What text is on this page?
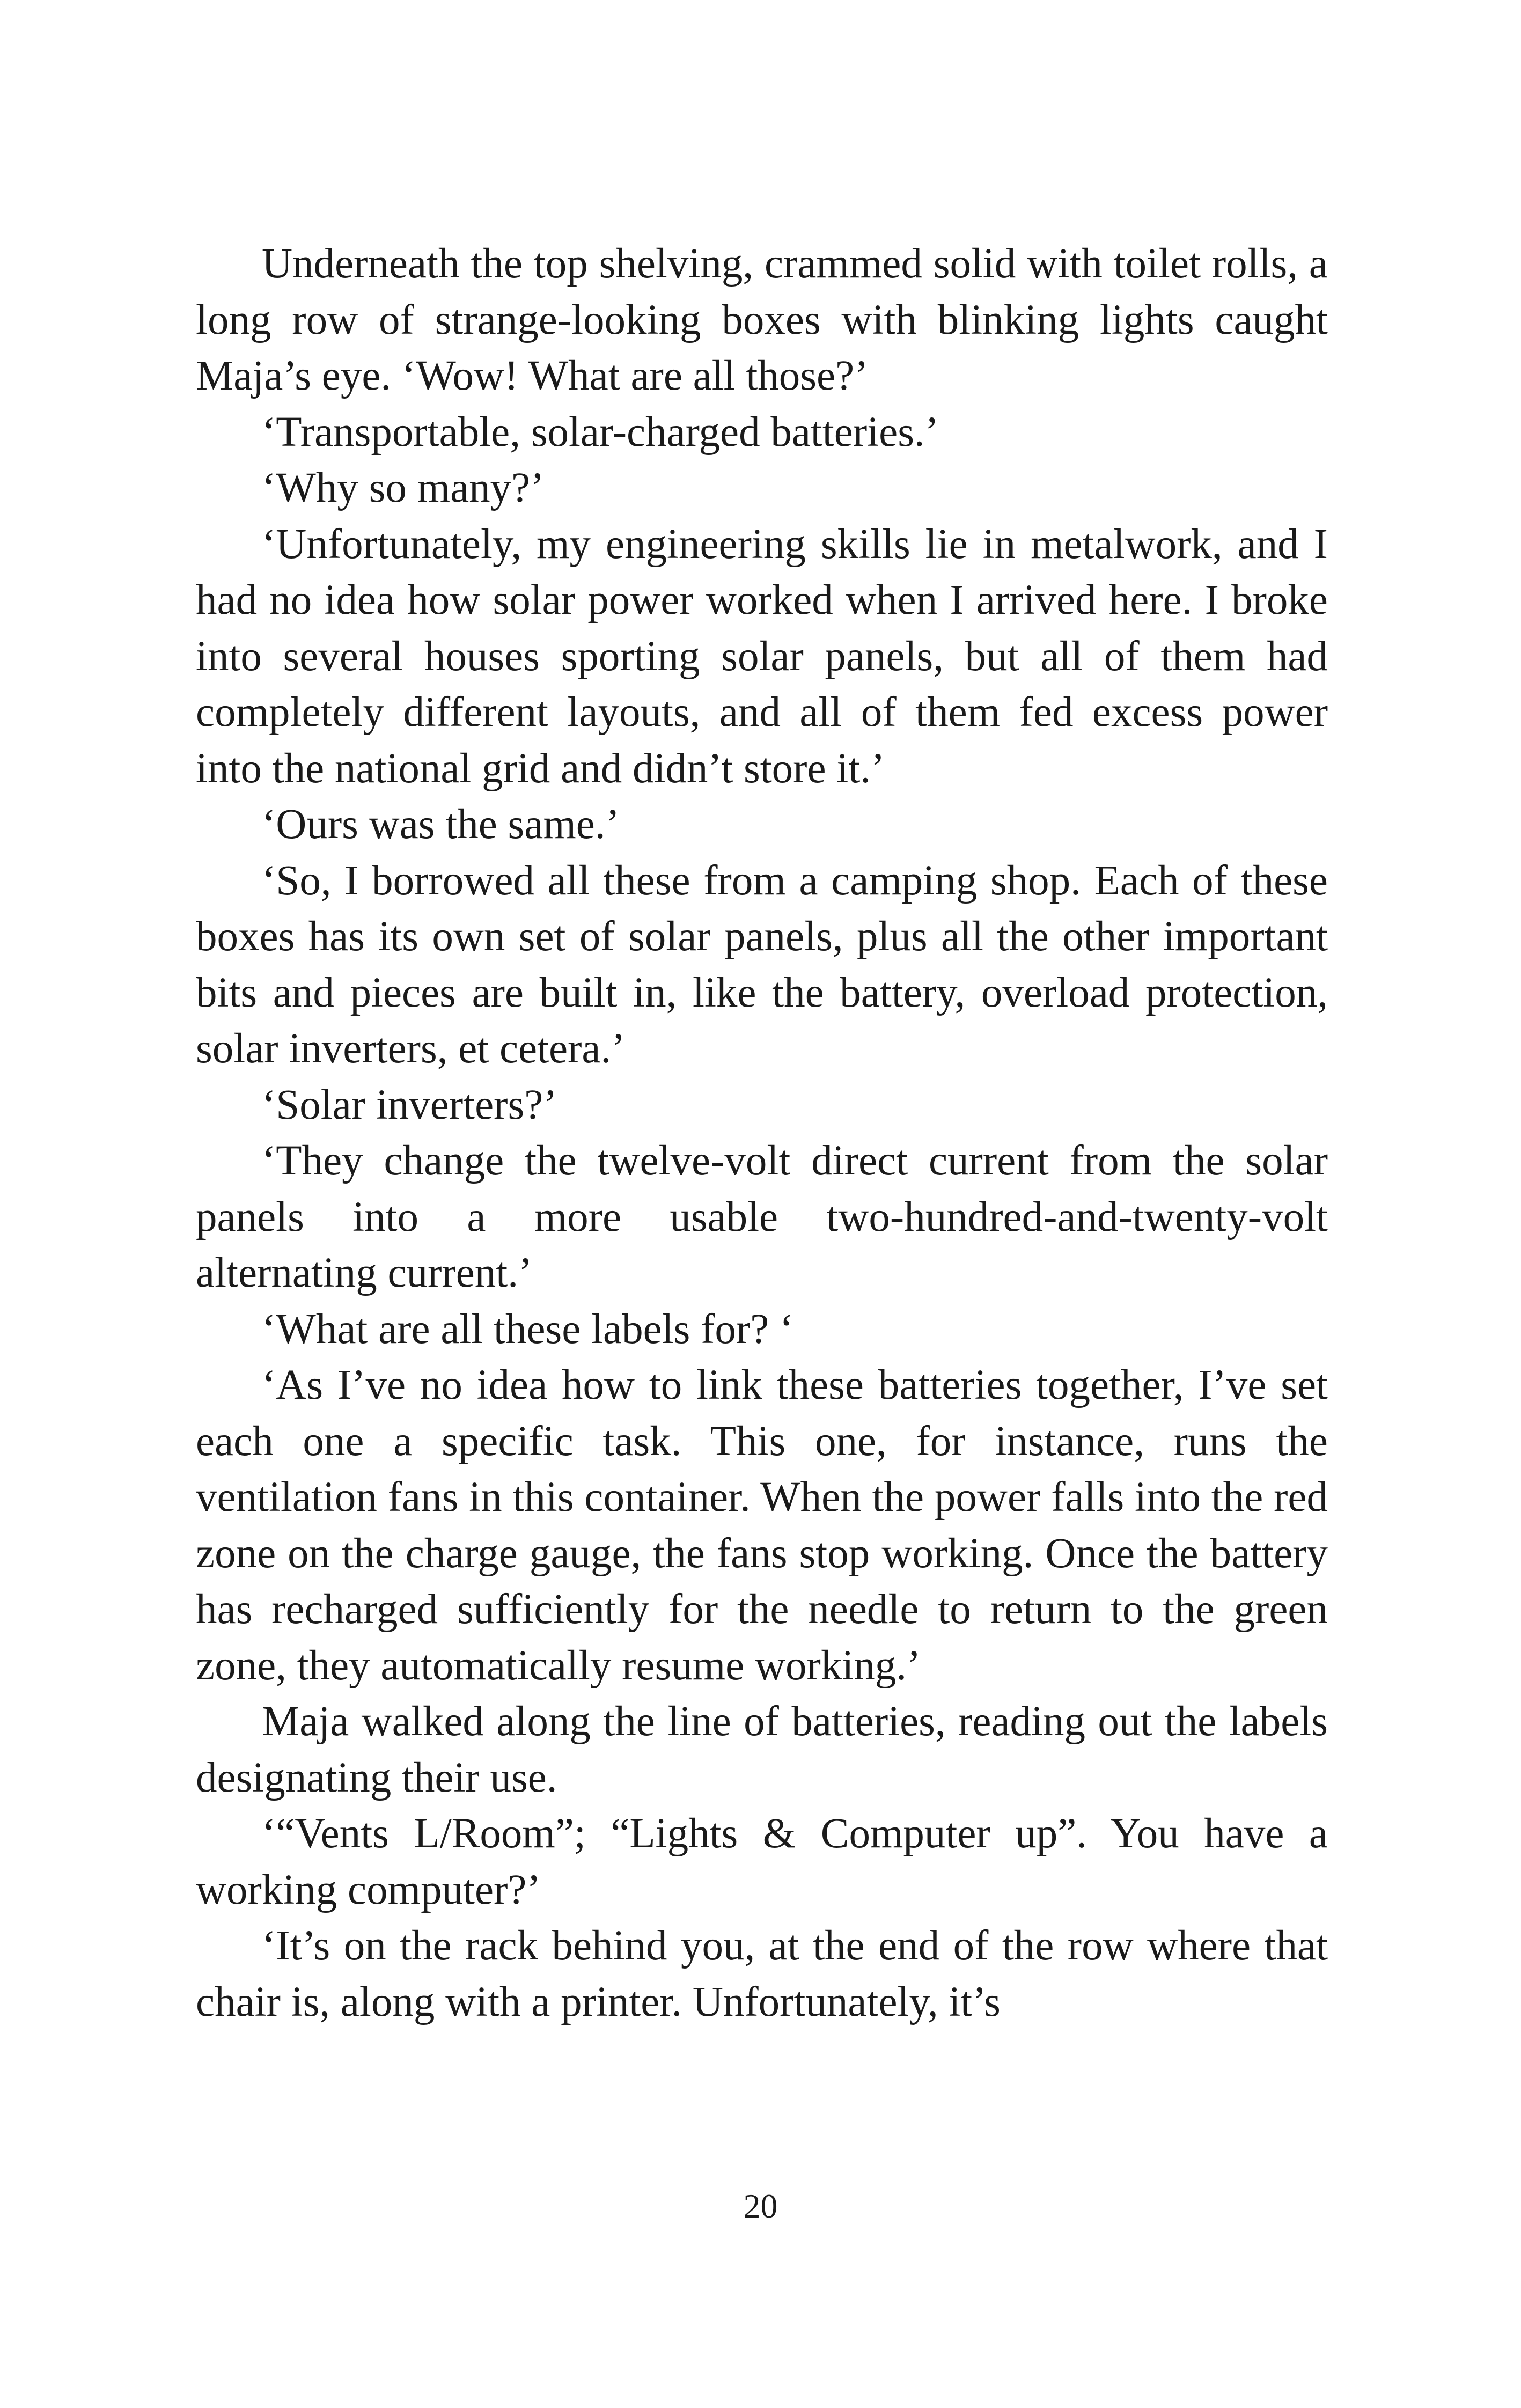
Underneath the top shelving, crammed solid with toilet rolls, a long row of strange-looking boxes with blinking lights caught Maja’s eye. ‘Wow! What are all those?’

‘Transportable, solar-charged batteries.’

‘Why so many?’

‘Unfortunately, my engineering skills lie in metalwork, and I had no idea how solar power worked when I arrived here. I broke into several houses sporting solar panels, but all of them had completely different layouts, and all of them fed excess power into the national grid and didn’t store it.’

‘Ours was the same.’

‘So, I borrowed all these from a camping shop. Each of these boxes has its own set of solar panels, plus all the other important bits and pieces are built in, like the battery, overload protection, solar inverters, et cetera.’

‘Solar inverters?’

‘They change the twelve-volt direct current from the solar panels into a more usable two-hundred-and-twenty-volt alternating current.’

‘What are all these labels for? ‘

‘As I’ve no idea how to link these batteries together, I’ve set each one a specific task. This one, for instance, runs the ventilation fans in this container. When the power falls into the red zone on the charge gauge, the fans stop working. Once the battery has recharged sufficiently for the needle to return to the green zone, they automatically resume working.’

Maja walked along the line of batteries, reading out the labels designating their use.

‘“Vents L/Room”; “Lights & Computer up”. You have a working computer?’

‘It’s on the rack behind you, at the end of the row where that chair is, along with a printer. Unfortunately, it’s

20
